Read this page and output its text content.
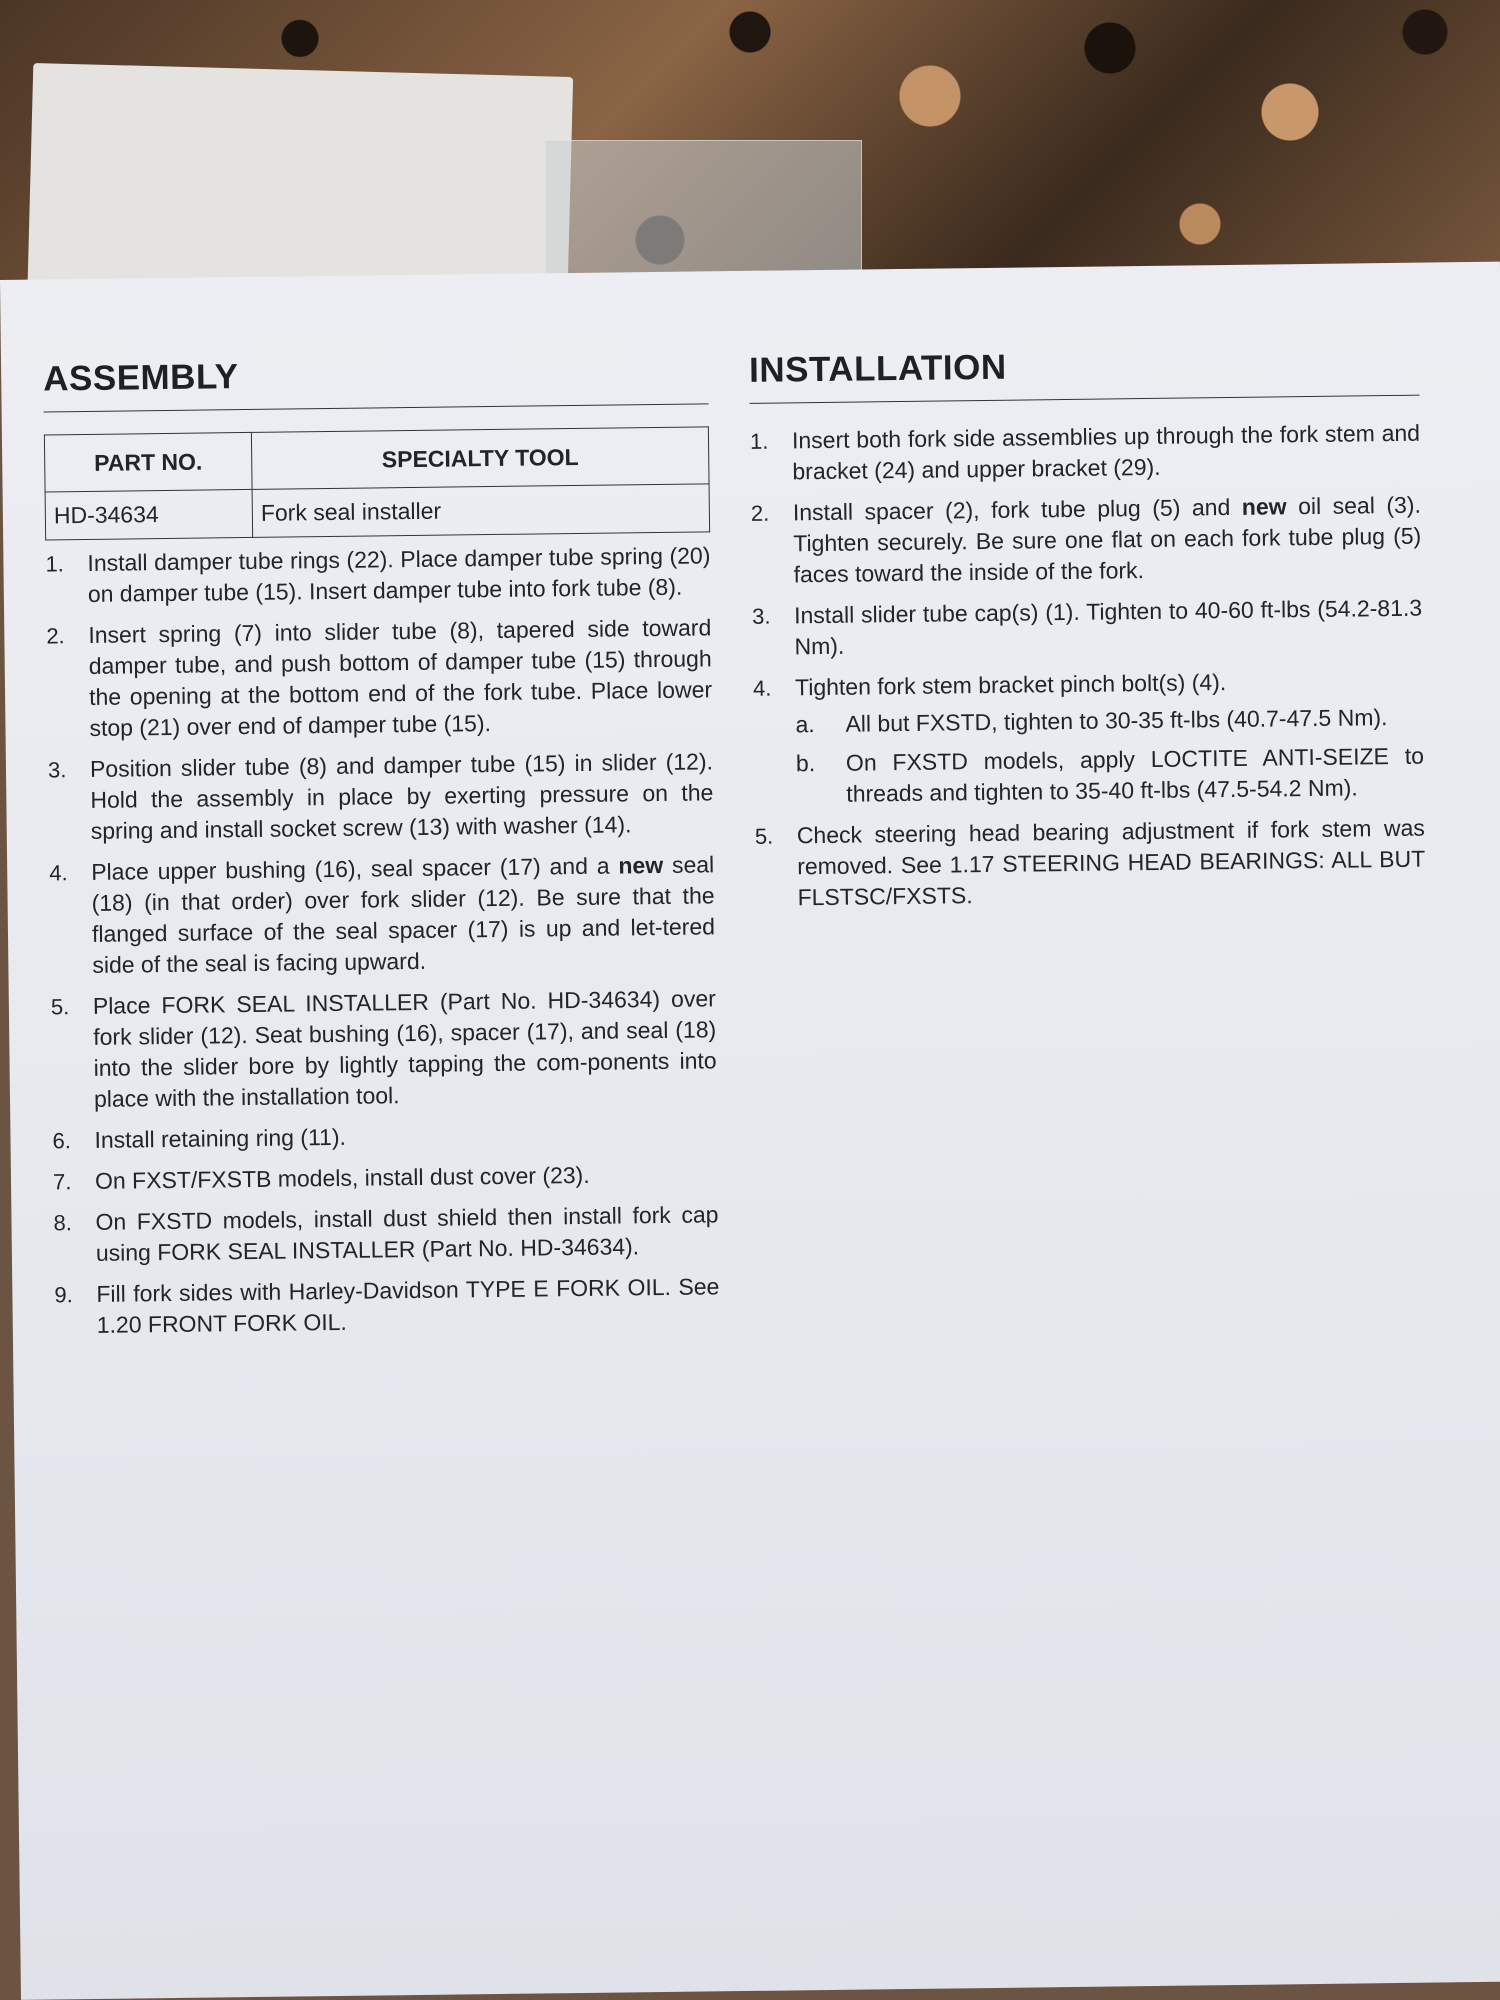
ASSEMBLY
PART NO.	SPECIALTY TOOL
HD-34634	Fork seal installer
1.	Install damper tube rings (22). Place damper tube spring (20) on damper tube (15). Insert damper tube into fork tube (8).
2.	Insert spring (7) into slider tube (8), tapered side toward damper tube, and push bottom of damper tube (15) through the opening at the bottom end of the fork tube. Place lower stop (21) over end of damper tube (15).
3.	Position slider tube (8) and damper tube (15) in slider (12). Hold the assembly in place by exerting pressure on the spring and install socket screw (13) with washer (14).
4.	Place upper bushing (16), seal spacer (17) and a new seal (18) (in that order) over fork slider (12). Be sure that the flanged surface of the seal spacer (17) is up and let-tered side of the seal is facing upward.
5.	Place FORK SEAL INSTALLER (Part No. HD-34634) over fork slider (12). Seat bushing (16), spacer (17), and seal (18) into the slider bore by lightly tapping the com-ponents into place with the installation tool.
6.	Install retaining ring (11).
7.	On FXST/FXSTB models, install dust cover (23).
8.	On FXSTD models, install dust shield then install fork cap using FORK SEAL INSTALLER (Part No. HD-34634).
9.	Fill fork sides with Harley-Davidson TYPE E FORK OIL. See 1.20 FRONT FORK OIL.
INSTALLATION
1.	Insert both fork side assemblies up through the fork stem and bracket (24) and upper bracket (29).
2.	Install spacer (2), fork tube plug (5) and new oil seal (3). Tighten securely. Be sure one flat on each fork tube plug (5) faces toward the inside of the fork.
3.	Install slider tube cap(s) (1). Tighten to 40-60 ft-lbs (54.2-81.3 Nm).
4.	Tighten fork stem bracket pinch bolt(s) (4).
a.	All but FXSTD, tighten to 30-35 ft-lbs (40.7-47.5 Nm).
b.	On FXSTD models, apply LOCTITE ANTI-SEIZE to threads and tighten to 35-40 ft-lbs (47.5-54.2 Nm).
5.	Check steering head bearing adjustment if fork stem was removed. See 1.17 STEERING HEAD BEARINGS: ALL BUT FLSTSC/FXSTS.
